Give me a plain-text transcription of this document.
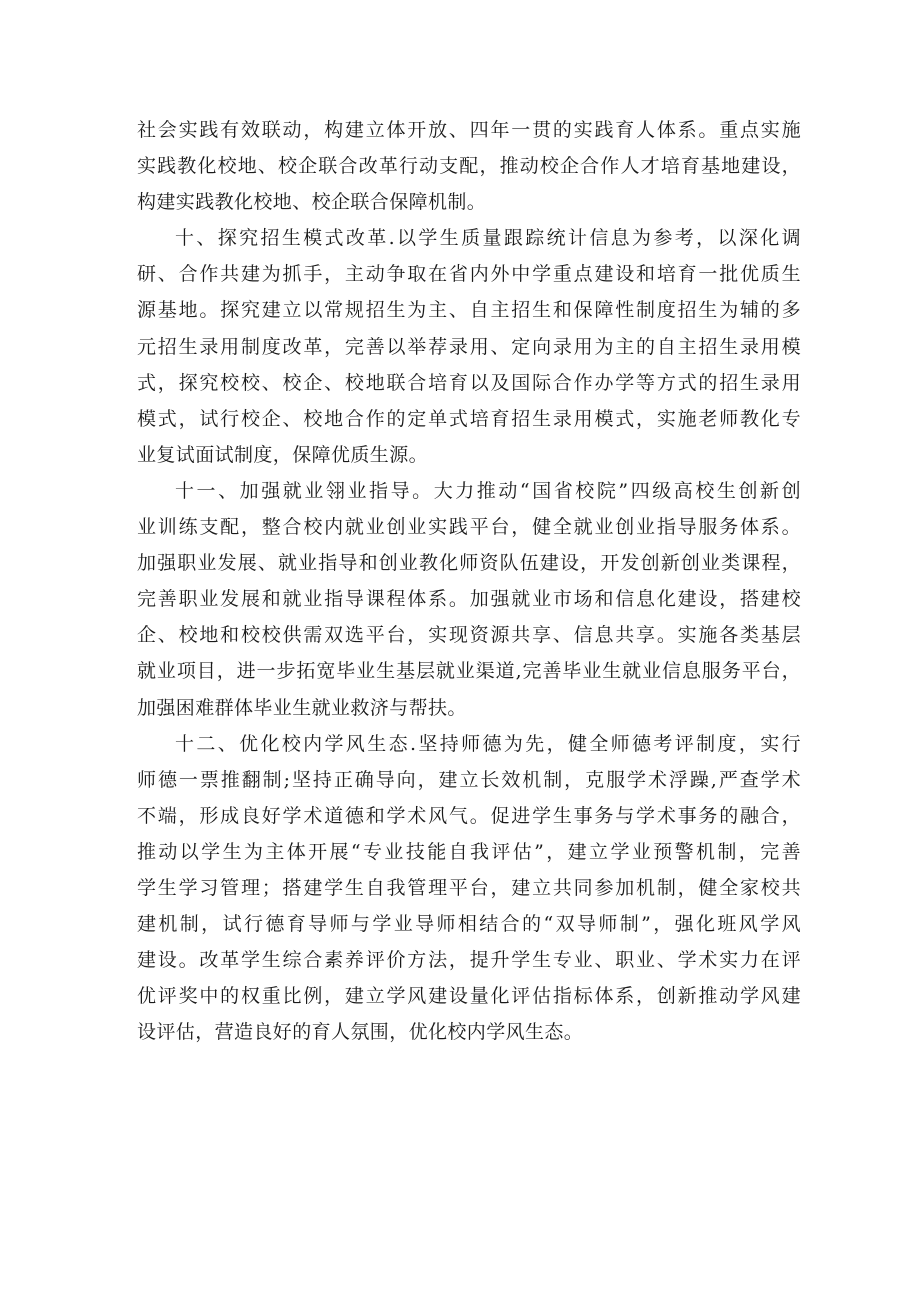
社会实践有效联动，构建立体开放、四年一贯的实践育人体系。重点实施
实践教化校地、校企联合改革行动支配，推动校企合作人才培育基地建设，
构建实践教化校地、校企联合保障机制。

十、探究招生模式改革.以学生质量跟踪统计信息为参考，以深化调
研、合作共建为抓手，主动争取在省内外中学重点建设和培育一批优质生
源基地。探究建立以常规招生为主、自主招生和保障性制度招生为辅的多
元招生录用制度改革，完善以举荐录用、定向录用为主的自主招生录用模
式，探究校校、校企、校地联合培育以及国际合作办学等方式的招生录用
模式，试行校企、校地合作的定单式培育招生录用模式，实施老师教化专
业复试面试制度，保障优质生源。

十一、加强就业翎业指导。大力推动“国省校院”四级高校生创新创
业训练支配，整合校内就业创业实践平台，健全就业创业指导服务体系。
加强职业发展、就业指导和创业教化师资队伍建设，开发创新创业类课程，
完善职业发展和就业指导课程体系。加强就业市场和信息化建设，搭建校
企、校地和校校供需双选平台，实现资源共享、信息共享。实施各类基层
就业项目，进一步拓宽毕业生基层就业渠道,完善毕业生就业信息服务平台，
加强困难群体毕业生就业救济与帮扶。

十二、优化校内学风生态.坚持师德为先，健全师德考评制度，实行
师德一票推翻制;坚持正确导向，建立长效机制，克服学术浮躁,严查学术
不端，形成良好学术道德和学术风气。促进学生事务与学术事务的融合，
推动以学生为主体开展“专业技能自我评估”，建立学业预警机制，完善
学生学习管理；搭建学生自我管理平台，建立共同参加机制，健全家校共
建机制，试行德育导师与学业导师相结合的“双导师制”，强化班风学风
建设。改革学生综合素养评价方法，提升学生专业、职业、学术实力在评
优评奖中的权重比例，建立学风建设量化评估指标体系，创新推动学风建
设评估，营造良好的育人氛围，优化校内学风生态。
